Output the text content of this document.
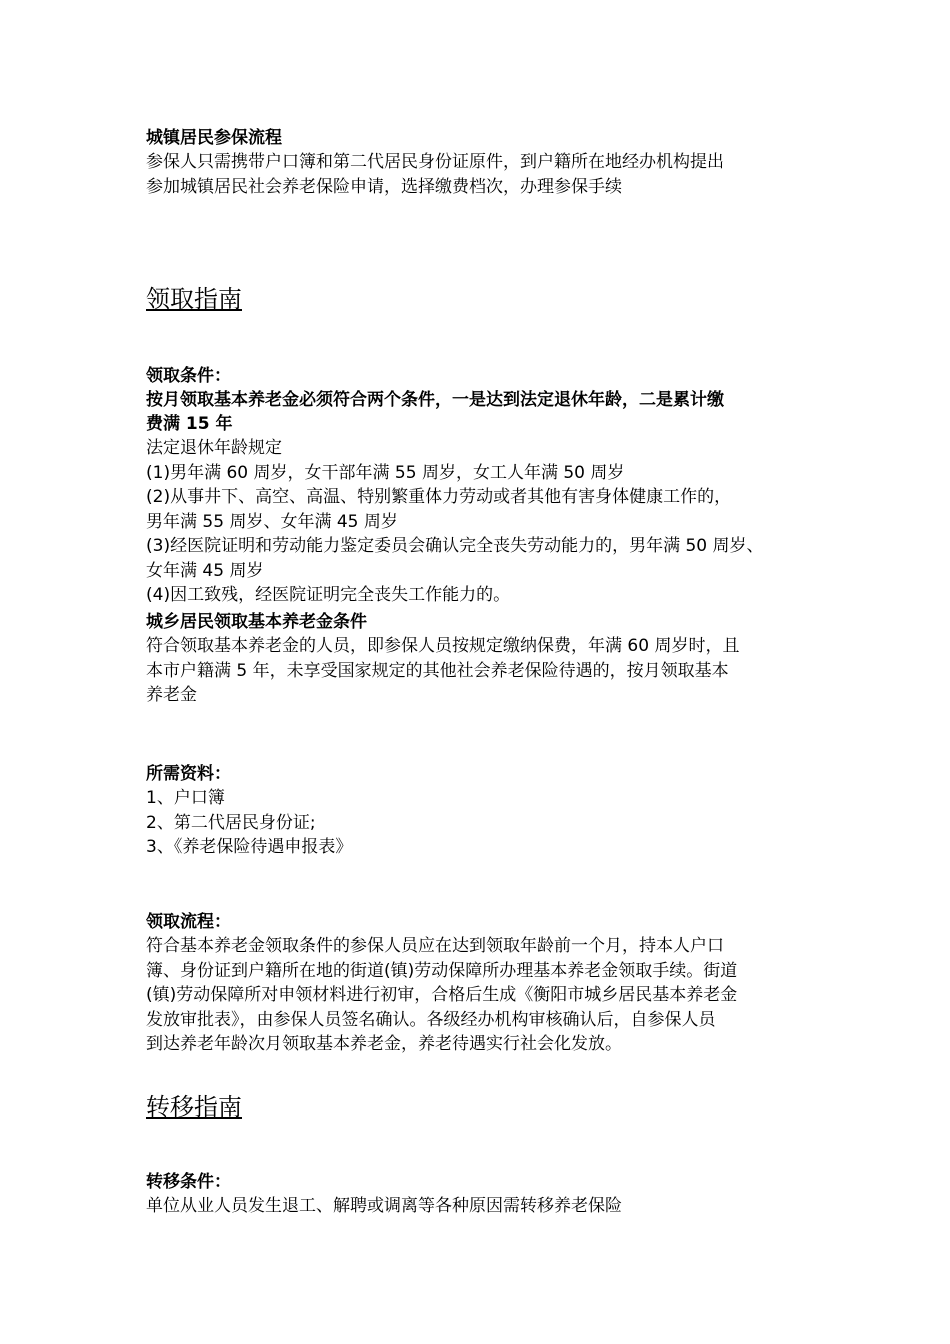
城镇居民参保流程
参保人只需携带户口簿和第二代居民身份证原件，到户籍所在地经办机构提出
参加城镇居民社会养老保险申请，选择缴费档次，办理参保手续
领取指南
领取条件：
按月领取基本养老金必须符合两个条件，一是达到法定退休年龄，二是累计缴
费满 15 年
法定退休年龄规定
(1)男年满 60 周岁，女干部年满 55 周岁，女工人年满 50 周岁
(2)从事井下、高空、高温、特别繁重体力劳动或者其他有害身体健康工作的，
男年满 55 周岁、女年满 45 周岁
(3)经医院证明和劳动能力鉴定委员会确认完全丧失劳动能力的，男年满 50 周岁、
女年满 45 周岁
(4)因工致残，经医院证明完全丧失工作能力的。
城乡居民领取基本养老金条件
符合领取基本养老金的人员，即参保人员按规定缴纳保费，年满 60 周岁时，且
本市户籍满 5 年，未享受国家规定的其他社会养老保险待遇的，按月领取基本
养老金
所需资料：
1、户口簿
2、第二代居民身份证;
3、《养老保险待遇申报表》
领取流程：
符合基本养老金领取条件的参保人员应在达到领取年龄前一个月，持本人户口
簿、身份证到户籍所在地的街道(镇)劳动保障所办理基本养老金领取手续。街道
(镇)劳动保障所对申领材料进行初审，合格后生成《衡阳市城乡居民基本养老金
发放审批表》，由参保人员签名确认。各级经办机构审核确认后，自参保人员
到达养老年龄次月领取基本养老金，养老待遇实行社会化发放。
转移指南
转移条件：
单位从业人员发生退工、解聘或调离等各种原因需转移养老保险
